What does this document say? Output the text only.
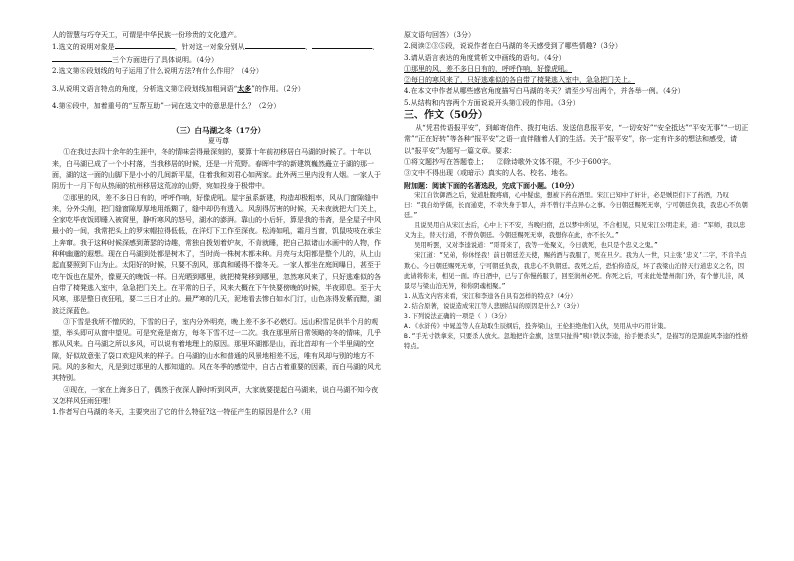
人的智慧与巧夺天工，可谓是中华民族一份珍贵的文化遗产。

1.选文的说明对象是	，针对这一对象分别从	、	、

三个方面进行了具体说明。（4分）

2.选文第⑥段划线的句子运用了什么说明方法?有什么作用？（4分）

3.从说明文语言特点的角度，分析选文第②段划线加粗词语“太多”的作用。（2分）

4.第⑥段中，加着重号的“互帮互助”一词在选文中的意思是什么？（2分）

（三）白马湖之冬（17分）

夏丏尊

①在我过去四十余年的生涯中，冬的情味尝得最深刻的，要算十年前初移居白马湖的时候了。十年以来，白马湖已成了一个小村落，当我移居的时候，还是一片荒野。春晖中学的新建筑巍然矗立于湖的那一面，湖的这一面的山脚下是小小的几间新平屋，住着我和刘君心如两家。此外两三里内没有人烟。一家人于阴历十一月下旬从热闹的杭州移居这荒凉的山野，宛如投身于极带中。

②那里的风，差不多日日有的，呼呼作响，好像虎吼。屋宇虽系新建，构造却极粗率，风从门窗隙缝中来，分外尖削，把门缝窗隙厚厚地用纸糊了，缝中却仍有透入。风刮得厉害的时候，天未夜就把大门关上，全家吃毕夜饭即睡入被窝里，静听寒风的怒号，湖水的澎湃。靠山的小后轩，算是我的书斋，是全屋子中风最小的一间，我常把头上的罗宋帽拉得低低，在洋灯下工作至深夜。松涛如吼，霜月当窗，饥鼠吱吱在承尘上奔窜。我于这种时候深感到萧瑟的诗趣，常独自拨划着炉灰，不肯就睡，把自己拟诸山水画中的人物，作种种幽邈的遐想。现在白马湖到处都是树木了，当时尚一株树木都未种。月亮与太阳都是整个儿的，从上山起直要照到下山为止。太阳好的时候，只要不刮风，那真和暖得不像冬天。一家人都坐在庭间曝日，甚至于吃午饭也在屋外，像夏天的晚饭一样。日光晒到哪里，就把椅凳移到哪里，忽然寒风来了，只好逃难似的各自带了椅凳逃入室中，急急把门关上。在平常的日子，风来大概在下午快要傍晚的时候，半夜即息。至于大风寒，那是整日夜狂吼，要二三日才止的。最严寒的几天，泥地看去惨白如水门汀，山色冻得发紫而黯，湖波泛深蓝色。

③下雪是我所不憎厌的，下雪的日子，室内分外明亮，晚上差不多不必燃灯。远山积雪足供半个月的观望，举头即可从窗中望见。可是究竟是南方，每冬下雪不过一二次。我在那里所日常领略的冬的情味，几乎都从风来。白马湖之所以多风，可以说有着地理上的原因。那里环湖都是山，而北首却有一个半里阔的空隙，好似故意张了袋口欢迎风来的样子。白马湖的山水和普通的风景地相差不远，唯有风却与别的地方不同。风的多和大，凡是到过那里的人都知道的。风在冬季的感觉中，自古占着重要的因素，而白马湖的风尤其特别。

④现在，一家在上海多日了，偶然于夜深人静时听到风声，大家就要提起白马湖来，说白马湖不知今夜又怎样风狂雨狂哩！

1.作者写白马湖的冬天，主要突出了它的什么特征?这一特征产生的原因是什么?（用

原文语句回答）（3分）

2.阅读②③⑤段，说说作者在白马湖的冬天感受到了哪些情趣?（3分）

3.请从语言表达的角度赏析文中画线的语句。（4分）

①那里的风，差不多日日有的，呼呼作响，好像虎吼。

②每日的寒风来了，只好逃难似的各自带了椅凳逃入室中，急急把门关上。

4.在本文中作者从哪些感官角度描写白马湖的冬天？请至少写出两个，并各举一例。（4分）

5.从结构和内容两个方面说说开头第①段的作用。（3分）

三、作文（50分）

从“凭君传语报平安”，到邮寄信件、拨打电话、发送信息报平安，“一切安好”“安全抵达”“平安无事”“一切正常”“正在好转”等各种“报平安”之语一直伴随着人们的生活。关于“报平安”，你一定有许多的想法和感受，请以“报平安”为题写一篇文章。要求：

①将文题抄写在答题卷上； ②除诗歌外文体不限，不少于600字。

③文中不得出现（或暗示）真实的人名、校名、地名。

附加题：阅读下面的名著选段，完成下面小题。（10分）

宋江自饮御酒之后，觉道肚腹疼痛，心中疑虑，想被下药在酒里。宋江已知中了奸计，必是贼臣们下了药酒，乃叹曰：“我自幼学儒，长而通吏，不幸失身于罪人，并不曾行半点异心之事。今日朝廷赐死无辜，宁可朝廷负我，我忠心不负朝廷。”

且说吴用自从宋江去后，心中上下不安，当晚归宿，总以梦中所见，不合相见，只见宋江公明走来，道：“军师，我以忠义为主，替天行道，不曾负朝廷。今朝廷赐死无辜，我想你在此，亦不长久。”

吴用听罢，又对李逵说道：“哥哥来了，我等一处聚义，今日就死，也只是个忠义之鬼。”

宋江道：“兄弟，你休怪我！前日朝廷差天使，赐药酒与我服了，死在旦夕。我为人一世，只主张‘忠义’二字，不肯半点欺心。今日朝廷赐死无辜，宁可朝廷负我，我忠心不负朝廷。我死之后，恐怕你造反，坏了我梁山泊替天行道忠义之名，因此请将你来，相见一面。昨日酒中，已与了你慢药服了，回至润州必死。你死之后，可来此处楚州南门外，有个蓼儿洼，风景尽与梁山泊无异，和你阴魂相聚。”

1.从选文内容来看，宋江和李逵各自具有怎样的特点?（4分）

2.结合原著，说说造成宋江等人悲剧结局的原因是什么?（3分）

3.下列说法正确的一项是（ ）（3分）

A.《水浒传》中晁盖等人在劫取生辰纲后，投奔梁山，王伦拒绝他们入伙，吴用从中巧用计策。

B.“手无寸铁拿来，只要杀人放火。忽地把许金旗，这里只扯得“咦!铁汉李逵，抬手便杀头”，是描写的是黑旋风李逵的性格特点。
